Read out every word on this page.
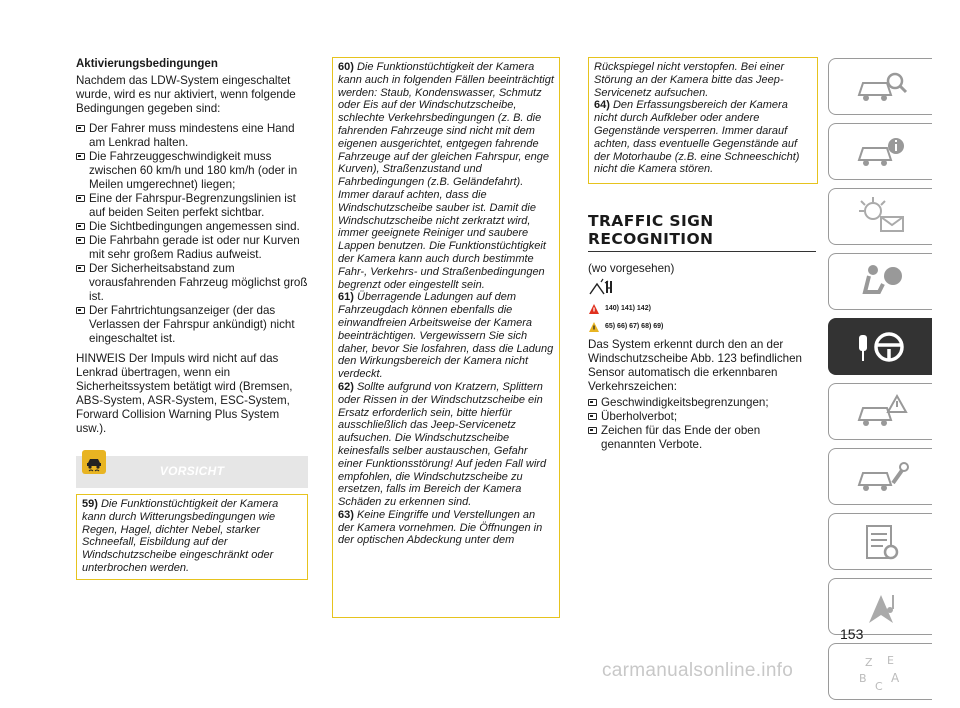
Aktivierungsbedingungen

Nachdem das LDW-System eingeschaltet wurde, wird es nur aktiviert, wenn folgende Bedingungen gegeben sind:

Der Fahrer muss mindestens eine Hand am Lenkrad halten.
Die Fahrzeuggeschwindigkeit muss zwischen 60 km/h und 180 km/h (oder in Meilen umgerechnet) liegen;
Eine der Fahrspur-Begrenzungslinien ist auf beiden Seiten perfekt sichtbar.
Die Sichtbedingungen angemessen sind.
Die Fahrbahn gerade ist oder nur Kurven mit sehr großem Radius aufweist.
Der Sicherheitsabstand zum vorausfahrenden Fahrzeug möglichst groß ist.
Der Fahrtrichtungsanzeiger (der das Verlassen der Fahrspur ankündigt) nicht eingeschaltet ist.

HINWEIS Der Impuls wird nicht auf das Lenkrad übertragen, wenn ein Sicherheitssystem betätigt wird (Bremsen, ABS-System, ASR-System, ESC-System, Forward Collision Warning Plus System usw.).

VORSICHT
59) Die Funktionstüchtigkeit der Kamera kann durch Witterungsbedingungen wie Regen, Hagel, dichter Nebel, starker Schneefall, Eisbildung auf der Windschutzscheibe eingeschränkt oder unterbrochen werden.
60) Die Funktionstüchtigkeit der Kamera kann auch in folgenden Fällen beeinträchtigt werden: Staub, Kondenswasser, Schmutz oder Eis auf der Windschutzscheibe, schlechte Verkehrsbedingungen (z. B. die fahrenden Fahrzeuge sind nicht mit dem eigenen ausgerichtet, entgegen fahrende Fahrzeuge auf der gleichen Fahrspur, enge Kurven), Straßenzustand und Fahrbedingungen (z.B. Geländefahrt). Immer darauf achten, dass die Windschutzscheibe sauber ist. Damit die Windschutzscheibe nicht zerkratzt wird, immer geeignete Reiniger und saubere Lappen benutzen. Die Funktionstüchtigkeit der Kamera kann auch durch bestimmte Fahr-, Verkehrs- und Straßenbedingungen begrenzt oder eingestellt sein.
61) Überragende Ladungen auf dem Fahrzeugdach können ebenfalls die einwandfreien Arbeitsweise der Kamera beeinträchtigen. Vergewissern Sie sich daher, bevor Sie losfahren, dass die Ladung den Wirkungsbereich der Kamera nicht verdeckt.
62) Sollte aufgrund von Kratzern, Splittern oder Rissen in der Windschutzscheibe ein Ersatz erforderlich sein, bitte hierfür ausschließlich das Jeep-Servicenetz aufsuchen. Die Windschutzscheibe keinesfalls selber austauschen, Gefahr einer Funktionsstörung! Auf jeden Fall wird empfohlen, die Windschutzscheibe zu ersetzen, falls im Bereich der Kamera Schäden zu erkennen sind.
63) Keine Eingriffe und Verstellungen an der Kamera vornehmen. Die Öffnungen in der optischen Abdeckung unter dem
Rückspiegel nicht verstopfen. Bei einer Störung an der Kamera bitte das Jeep-Servicenetz aufsuchen.
64) Den Erfassungsbereich der Kamera nicht durch Aufkleber oder andere Gegenstände versperren. Immer darauf achten, dass eventuelle Gegenstände auf der Motorhaube (z.B. eine Schneeschicht) nicht die Kamera stören.
TRAFFIC SIGN
RECOGNITION

(wo vorgesehen)

140) 141) 142)
65) 66) 67) 68) 69)

Das System erkennt durch den an der Windschutzscheibe Abb. 123 befindlichen Sensor automatisch die erkennbaren Verkehrszeichen:

Geschwindigkeitsbegrenzungen;
Überholverbot;
Zeichen für das Ende der oben genannten Verbote.
Z E
B
C
A
153
carmanualsonline.info
